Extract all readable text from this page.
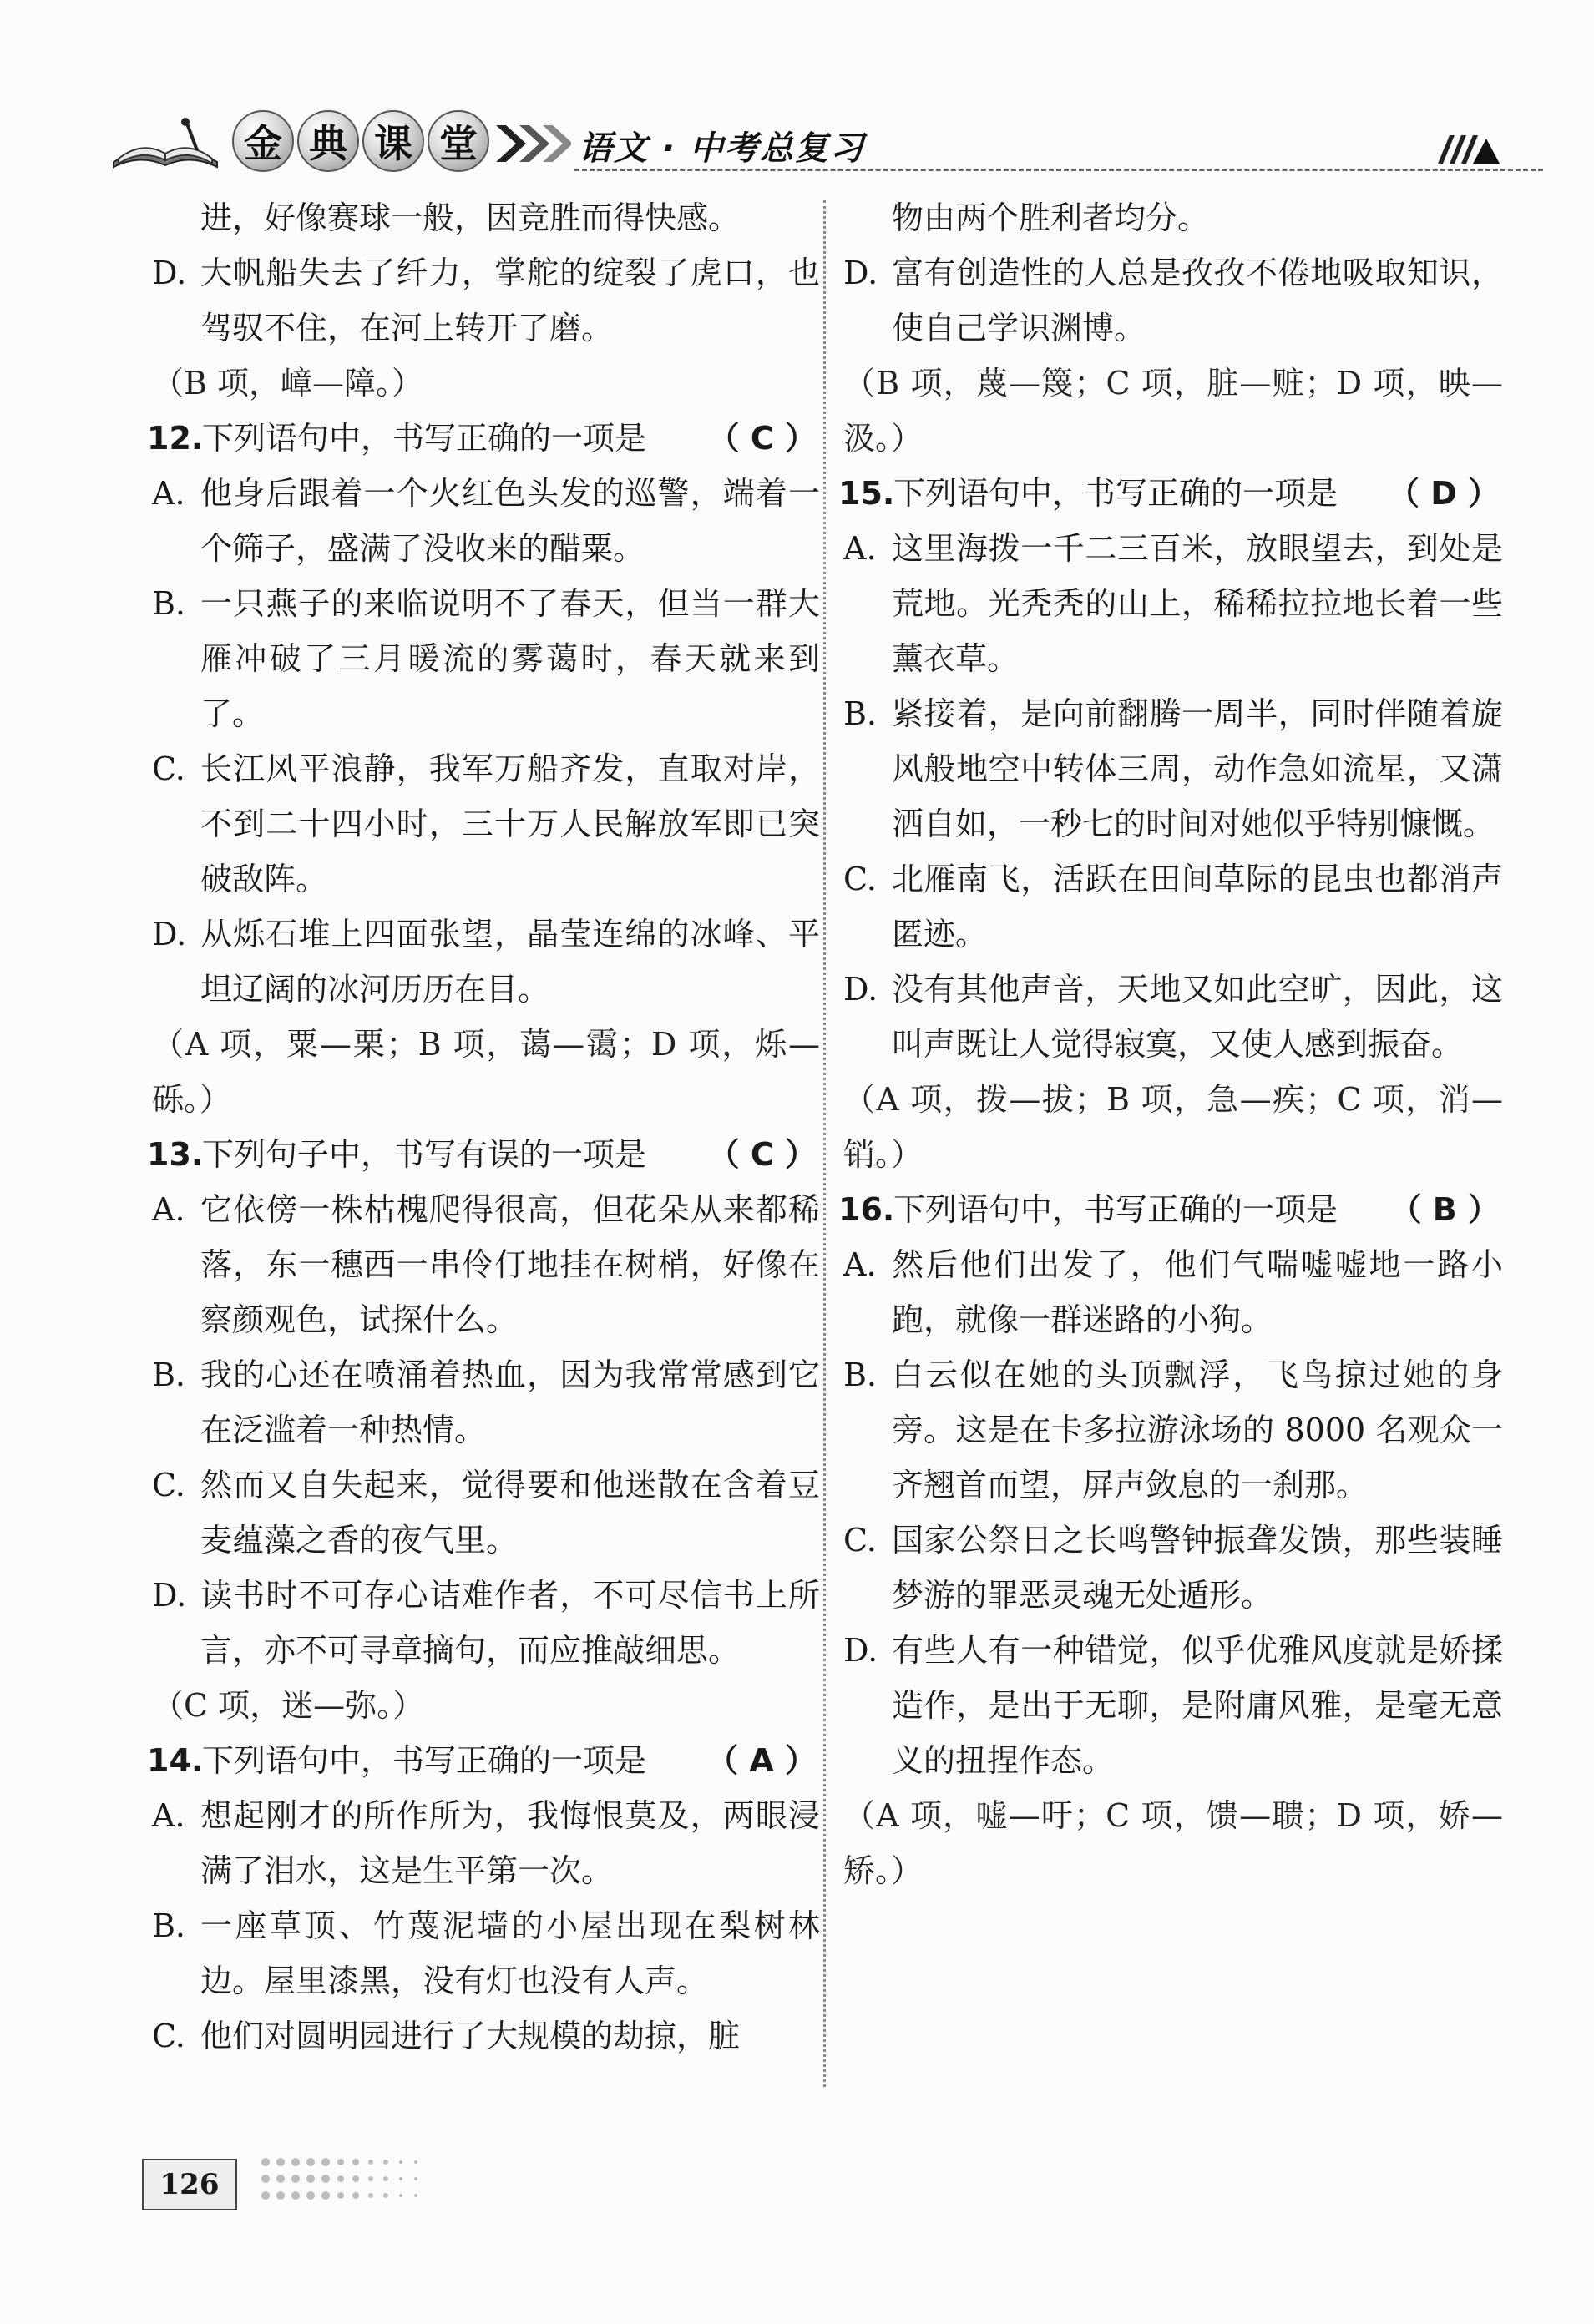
金 典 课 堂	语文 · 中考总复习
进，好像赛球一般，因竞胜而得快感。
D. 大帆船失去了纤力，掌舵的绽裂了虎口，也驾驭不住，在河上转开了磨。
（B 项，嶂—障。）
12.
下列语句中，书写正确的一项是 （ C ）
A. 他身后跟着一个火红色头发的巡警，端着一个筛子，盛满了没收来的醋粟。
B. 一只燕子的来临说明不了春天，但当一群大雁冲破了三月暖流的雾蔼时，春天就来到了。
C. 长江风平浪静，我军万船齐发，直取对岸，不到二十四小时，三十万人民解放军即已突破敌阵。
D. 从烁石堆上四面张望，晶莹连绵的冰峰、平坦辽阔的冰河历历在目。
（A 项，粟—栗；B 项，蔼—霭；D 项，烁—砾。）
13.
下列句子中，书写有误的一项是 （ C ）
A. 它依傍一株枯槐爬得很高，但花朵从来都稀落，东一穗西一串伶仃地挂在树梢，好像在察颜观色，试探什么。
B. 我的心还在喷涌着热血，因为我常常感到它在泛滥着一种热情。
C. 然而又自失起来，觉得要和他迷散在含着豆麦蕴藻之香的夜气里。
D. 读书时不可存心诘难作者，不可尽信书上所言，亦不可寻章摘句，而应推敲细思。
（C 项，迷—弥。）
14.
下列语句中，书写正确的一项是 （ A ）
A. 想起刚才的所作所为，我悔恨莫及，两眼浸满了泪水，这是生平第一次。
B. 一座草顶、竹蔑泥墙的小屋出现在梨树林边。屋里漆黑，没有灯也没有人声。
C. 他们对圆明园进行了大规模的劫掠，脏
物由两个胜利者均分。
D. 富有创造性的人总是孜孜不倦地吸取知识，使自己学识渊博。
（B 项，蔑—篾；C 项，脏—赃；D 项，映—汲。）
15.
下列语句中，书写正确的一项是 （ D ）
A. 这里海拨一千二三百米，放眼望去，到处是荒地。光秃秃的山上，稀稀拉拉地长着一些薰衣草。
B. 紧接着，是向前翻腾一周半，同时伴随着旋风般地空中转体三周，动作急如流星，又潇洒自如，一秒七的时间对她似乎特别慷慨。
C. 北雁南飞，活跃在田间草际的昆虫也都消声匿迹。
D. 没有其他声音，天地又如此空旷，因此，这叫声既让人觉得寂寞，又使人感到振奋。
（A 项，拨—拔；B 项，急—疾；C 项，消—销。）
16.
下列语句中，书写正确的一项是 （ B ）
A. 然后他们出发了，他们气喘嘘嘘地一路小跑，就像一群迷路的小狗。
B. 白云似在她的头顶飘浮，飞鸟掠过她的身旁。这是在卡多拉游泳场的 8000 名观众一齐翘首而望，屏声敛息的一刹那。
C. 国家公祭日之长鸣警钟振聋发馈，那些装睡梦游的罪恶灵魂无处遁形。
D. 有些人有一种错觉，似乎优雅风度就是娇揉造作，是出于无聊，是附庸风雅，是毫无意义的扭捏作态。
（A 项，嘘—吁；C 项，馈—聩；D 项，娇—矫。）
126
